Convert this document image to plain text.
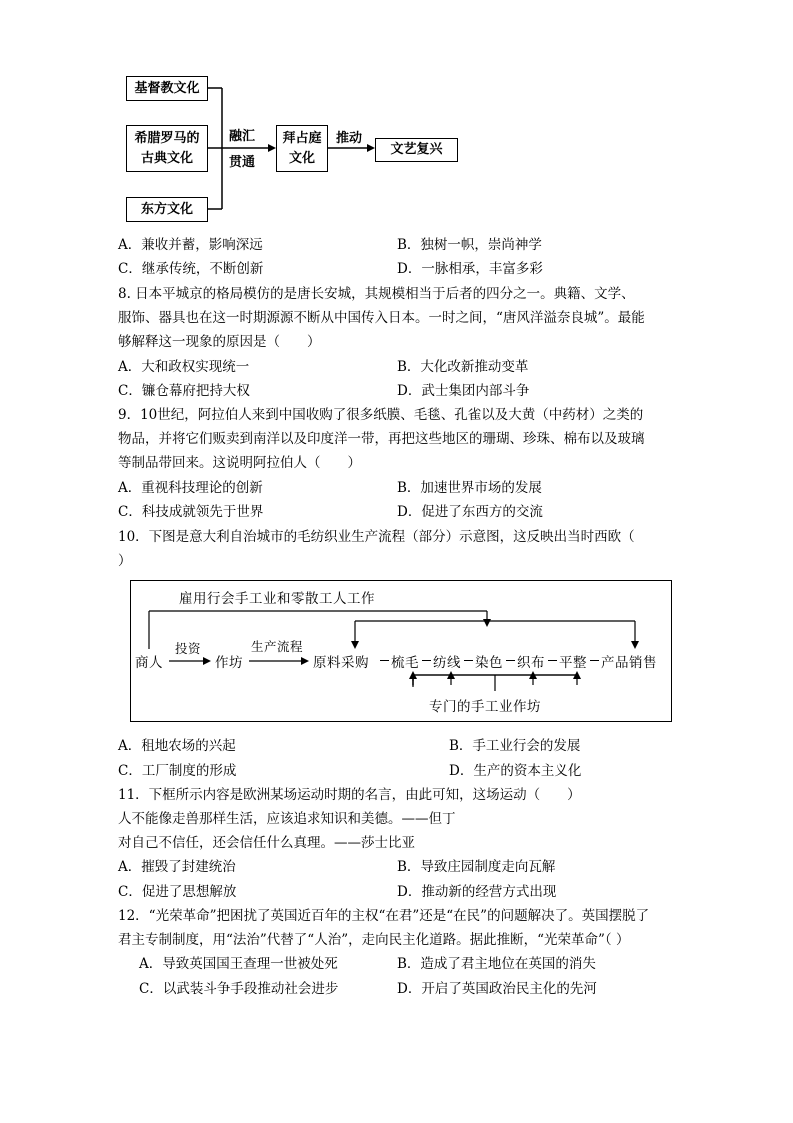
基督教文化
希腊罗马的
古典文化
东方文化
融汇
贯通
拜占庭
文化
推动
文艺复兴
A．兼收并蓄，影响深远	B．独树一帜，崇尚神学
C．继承传统，不断创新	D．一脉相承，丰富多彩
8. 日本平城京的格局模仿的是唐长安城，其规模相当于后者的四分之一。典籍、文学、
服饰、器具也在这一时期源源不断从中国传入日本。一时之间，“唐风洋溢奈良城”。最能
够解释这一现象的原因是（　　）
A．大和政权实现统一	B．大化改新推动变革
C．镰仓幕府把持大权	D．武士集团内部斗争
9．10世纪，阿拉伯人来到中国收购了很多纸膜、毛毯、孔雀以及大黄（中药材）之类的
物品，并将它们贩卖到南洋以及印度洋一带，再把这些地区的珊瑚、珍珠、棉布以及玻璃
等制品带回来。这说明阿拉伯人（　　）
A．重视科技理论的创新	B．加速世界市场的发展
C．科技成就领先于世界	D．促进了东西方的交流
10．下图是意大利自治城市的毛纺织业生产流程（部分）示意图，这反映出当时西欧（
）
雇用行会手工业和零散工人工作
商人
投资
作坊
生产流程
原料采购 梳毛 纺线 染色 织布 平整 产品销售
专门的手工业作坊
A．租地农场的兴起	B．手工业行会的发展
C．工厂制度的形成	D．生产的资本主义化
11．下框所示内容是欧洲某场运动时期的名言，由此可知，这场运动（　　）
人不能像走兽那样生活，应该追求知识和美德。——但丁
对自己不信任，还会信任什么真理。——莎士比亚
A．摧毁了封建统治	B．导致庄园制度走向瓦解
C．促进了思想解放	D．推动新的经营方式出现
12．“光荣革命”把困扰了英国近百年的主权“在君”还是“在民”的问题解决了。英国摆脱了
君主专制制度，用“法治”代替了“人治”，走向民主化道路。据此推断，“光荣革命”（ ）
A．导致英国国王查理一世被处死	B．造成了君主地位在英国的消失
C．以武装斗争手段推动社会进步	D．开启了英国政治民主化的先河
